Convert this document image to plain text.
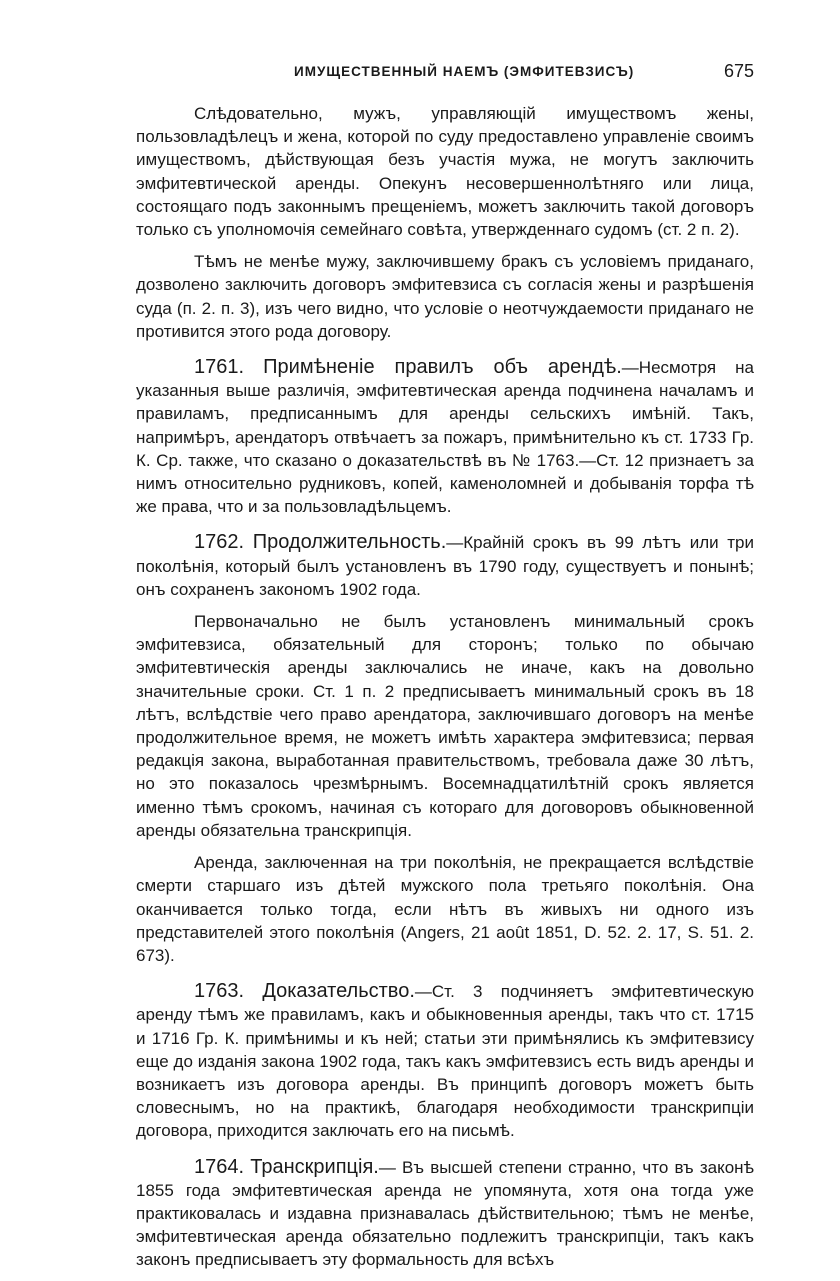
ИМУЩЕСТВЕННЫЙ НАЕМЪ (ЭМФИТЕВЗИСЪ)	675

Слѣдовательно, мужъ, управляющій имуществомъ жены, пользовладѣлецъ и жена, которой по суду предоставлено управленіе своимъ имуществомъ, дѣйствующая безъ участія мужа, не могутъ заключить эмфитевтической аренды. Опекунъ несовершеннолѣтняго или лица, состоящаго подъ законнымъ прещеніемъ, можетъ заключить такой договоръ только съ уполномочія семейнаго совѣта, утвержденнаго судомъ (ст. 2 п. 2).

Тѣмъ не менѣе мужу, заключившему бракъ съ условіемъ приданаго, дозволено заключить договоръ эмфитевзиса съ согласія жены и разрѣшенія суда (п. 2. п. 3), изъ чего видно, что условіе о неотчуждаемости приданаго не противится этого рода договору.

1761. Примѣненіе правилъ объ арендѣ.—Несмотря на указанныя выше различія, эмфитевтическая аренда подчинена началамъ и правиламъ, предписаннымъ для аренды сельскихъ имѣній. Такъ, напримѣръ, арендаторъ отвѣчаетъ за пожаръ, примѣнительно къ ст. 1733 Гр. К. Ср. также, что сказано о доказательствѣ въ № 1763.—Ст. 12 признаетъ за нимъ относительно рудниковъ, копей, каменоломней и добыванія торфа тѣ же права, что и за пользовладѣльцемъ.

1762. Продолжительность.—Крайній срокъ въ 99 лѣтъ или три поколѣнія, который былъ установленъ въ 1790 году, существуетъ и понынѣ; онъ сохраненъ закономъ 1902 года.

Первоначально не былъ установленъ минимальный срокъ эмфитевзиса, обязательный для сторонъ; только по обычаю эмфитевтическія аренды заключались не иначе, какъ на довольно значительные сроки. Ст. 1 п. 2 предписываетъ минимальный срокъ въ 18 лѣтъ, вслѣдствіе чего право арендатора, заключившаго договоръ на менѣе продолжительное время, не можетъ имѣть характера эмфитевзиса; первая редакція закона, выработанная правительствомъ, требовала даже 30 лѣтъ, но это показалось чрезмѣрнымъ. Восемнадцатилѣтній срокъ является именно тѣмъ срокомъ, начиная съ котораго для договоровъ обыкновенной аренды обязательна транскрипція.

Аренда, заключенная на три поколѣнія, не прекращается вслѣдствіе смерти старшаго изъ дѣтей мужского пола третьяго поколѣнія. Она оканчивается только тогда, если нѣтъ въ живыхъ ни одного изъ представителей этого поколѣнія (Angers, 21 août 1851, D. 52. 2. 17, S. 51. 2. 673).

1763. Доказательство.—Ст. 3 подчиняетъ эмфитевтическую аренду тѣмъ же правиламъ, какъ и обыкновенныя аренды, такъ что ст. 1715 и 1716 Гр. К. примѣнимы и къ ней; статьи эти примѣнялись къ эмфитевзису еще до изданія закона 1902 года, такъ какъ эмфитевзисъ есть видъ аренды и возникаетъ изъ договора аренды. Въ принципѣ договоръ можетъ быть словеснымъ, но на практикѣ, благодаря необходимости транскрипціи договора, приходится заключать его на письмѣ.

1764. Транскрипція.— Въ высшей степени странно, что въ законѣ 1855 года эмфитевтическая аренда не упомянута, хотя она тогда уже практиковалась и издавна признавалась дѣйствительною; тѣмъ не менѣе, эмфитевтическая аренда обязательно подлежитъ транскрипціи, такъ какъ законъ предписываетъ эту формальность для всѣхъ
